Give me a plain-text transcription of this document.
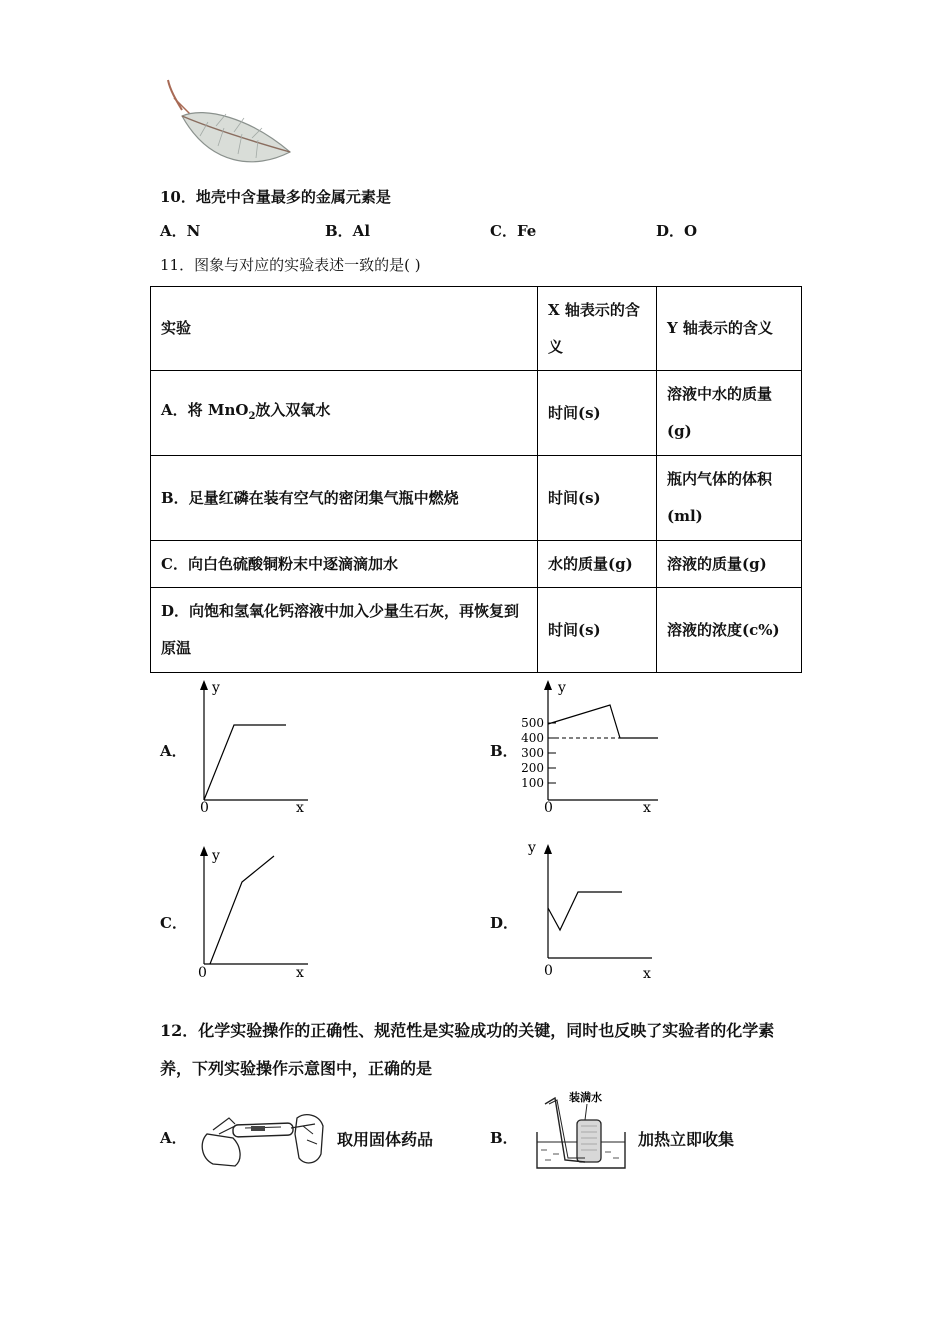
10．地壳中含量最多的金属元素是
A．N	B．Al	C．Fe	D．O
11．图象与对应的实验表述一致的是( )
实验	X 轴表示的含义	Y 轴表示的含义
A．将 MnO$_2$放入双氧水	时间(s)	溶液中水的质量(g)
B．足量红磷在装有空气的密闭集气瓶中燃烧	时间(s)	瓶内气体的体积(ml)
C．向白色硫酸铜粉末中逐滴滴加水	水的质量(g)	溶液的质量(g)
D．向饱和氢氧化钙溶液中加入少量生石灰，再恢复到原温	时间(s)	溶液的浓度(c%)
A．	B．
C．	D．
y
0	x
500
400
300
200
100
y
0	x
y
0	x
y
0	x
12．化学实验操作的正确性、规范性是实验成功的关键，同时也反映了实验者的化学素
养，下列实验操作示意图中，正确的是
A．	取用固体药品	B．
装满水
加热立即收集
